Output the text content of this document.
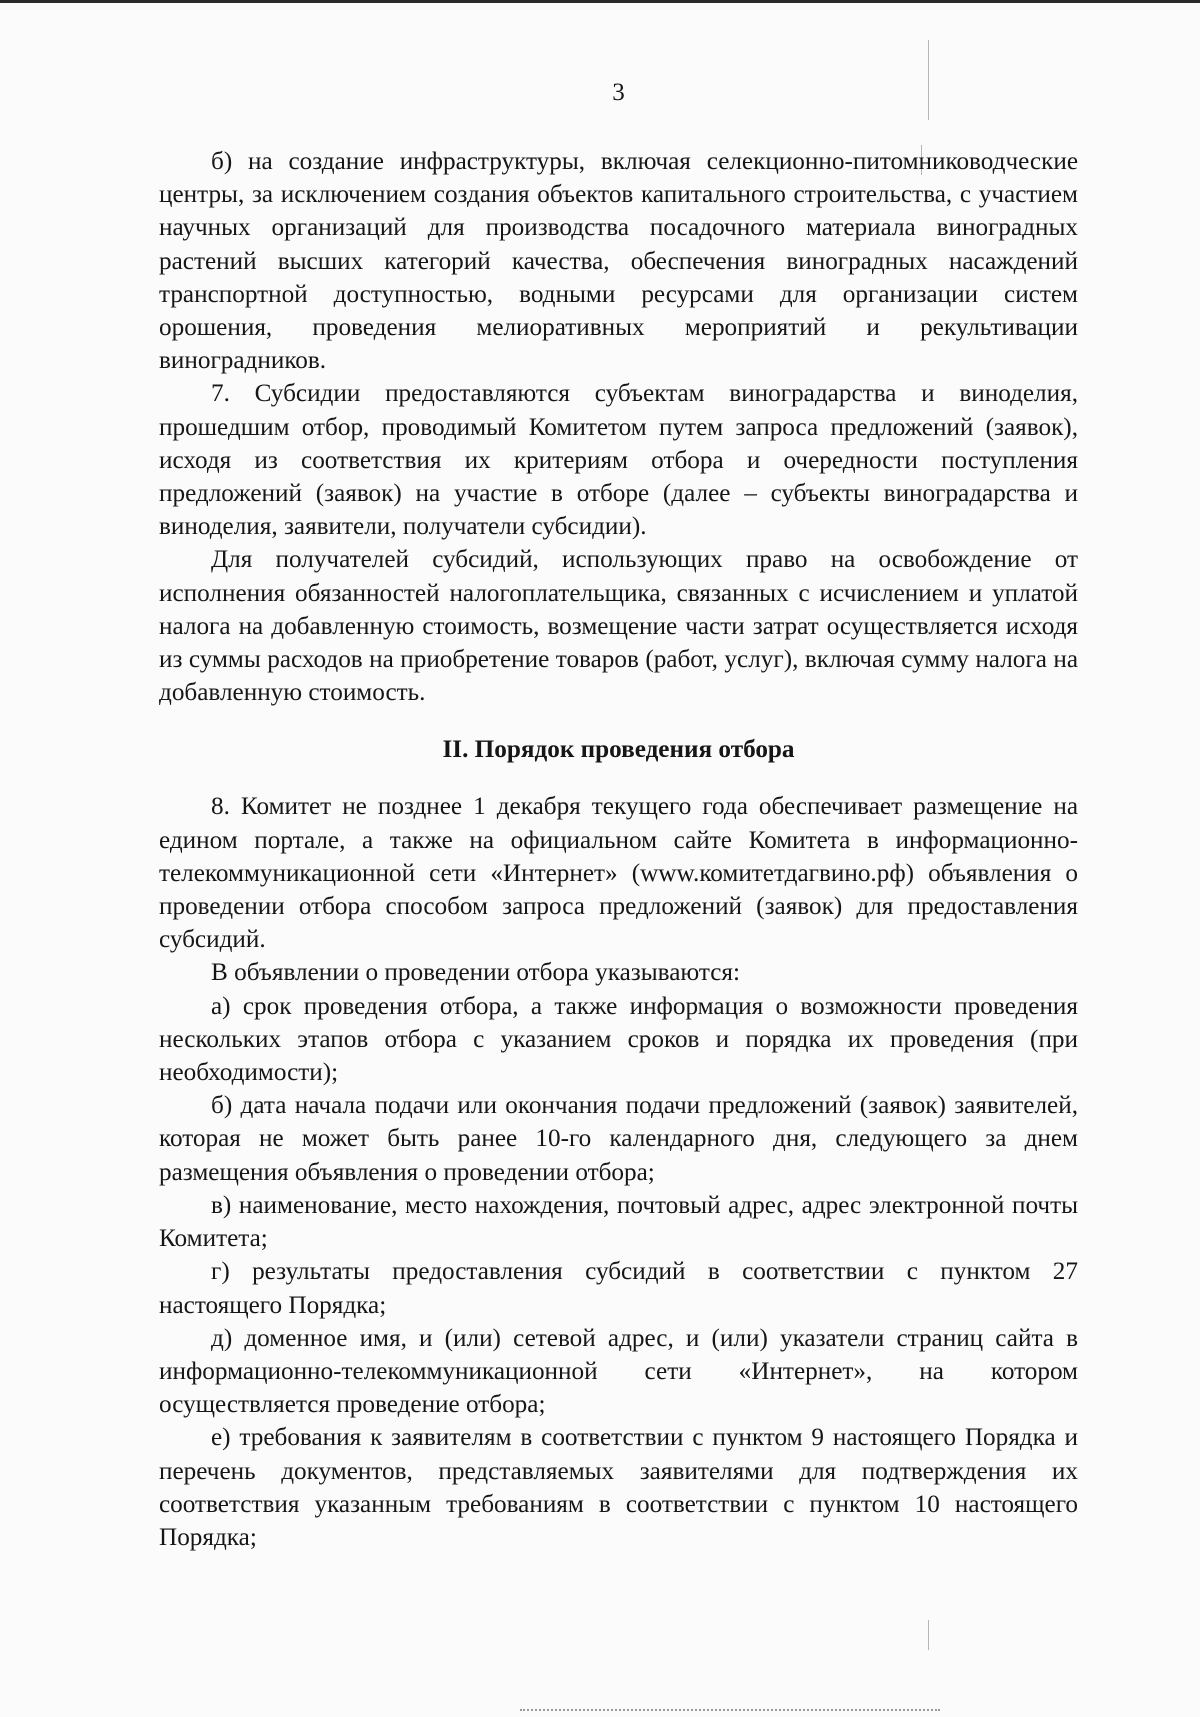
3

б) на создание инфраструктуры, включая селекционно-питомниководческие центры, за исключением создания объектов капитального строительства, с участием научных организаций для производства посадочного материала виноградных растений высших категорий качества, обеспечения виноградных насаждений транспортной доступностью, водными ресурсами для организации систем орошения, проведения мелиоративных мероприятий и рекультивации виноградников.

7. Субсидии предоставляются субъектам виноградарства и виноделия, прошедшим отбор, проводимый Комитетом путем запроса предложений (заявок), исходя из соответствия их критериям отбора и очередности поступления предложений (заявок) на участие в отборе (далее – субъекты виноградарства и виноделия, заявители, получатели субсидии).

Для получателей субсидий, использующих право на освобождение от исполнения обязанностей налогоплательщика, связанных с исчислением и уплатой налога на добавленную стоимость, возмещение части затрат осуществляется исходя из суммы расходов на приобретение товаров (работ, услуг), включая сумму налога на добавленную стоимость.

II. Порядок проведения отбора

8. Комитет не позднее 1 декабря текущего года обеспечивает размещение на едином портале, а также на официальном сайте Комитета в информационно-телекоммуникационной сети «Интернет» (www.комитетдагвино.рф) объявления о проведении отбора способом запроса предложений (заявок) для предоставления субсидий.

В объявлении о проведении отбора указываются:

а) срок проведения отбора, а также информация о возможности проведения нескольких этапов отбора с указанием сроков и порядка их проведения (при необходимости);

б) дата начала подачи или окончания подачи предложений (заявок) заявителей, которая не может быть ранее 10-го календарного дня, следующего за днем размещения объявления о проведении отбора;

в) наименование, место нахождения, почтовый адрес, адрес электронной почты Комитета;

г) результаты предоставления субсидий в соответствии с пунктом 27 настоящего Порядка;

д) доменное имя, и (или) сетевой адрес, и (или) указатели страниц сайта в информационно-телекоммуникационной сети «Интернет», на котором осуществляется проведение отбора;

е) требования к заявителям в соответствии с пунктом 9 настоящего Порядка и перечень документов, представляемых заявителями для подтверждения их соответствия указанным требованиям в соответствии с пунктом 10 настоящего Порядка;
